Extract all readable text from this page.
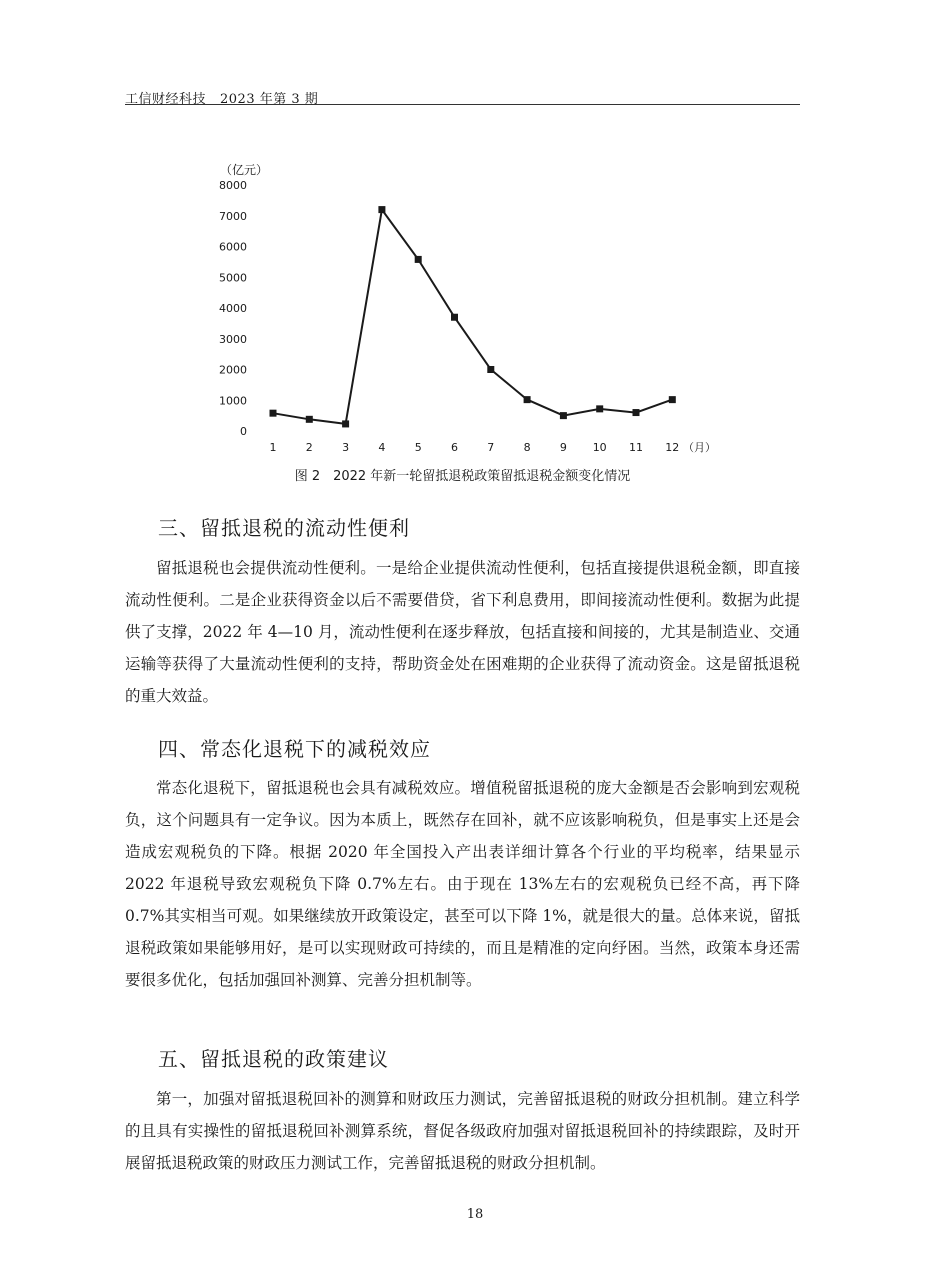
工信财经科技 2023 年第 3 期
（亿元）
0
1000
2000
3000
4000
5000
6000
7000
8000
1	2	3	4	5	6	7	8	9 10 11 12 （月）
图 2　2022 年新一轮留抵退税政策留抵退税金额变化情况
三、留抵退税的流动性便利

留抵退税也会提供流动性便利。一是给企业提供流动性便利，包括直接提供退税金额，即直接流动性便利。二是企业获得资金以后不需要借贷，省下利息费用，即间接流动性便利。数据为此提供了支撑，2022 年 4—10 月，流动性便利在逐步释放，包括直接和间接的，尤其是制造业、交通运输等获得了大量流动性便利的支持，帮助资金处在困难期的企业获得了流动资金。这是留抵退税的重大效益。

四、常态化退税下的减税效应

常态化退税下，留抵退税也会具有减税效应。增值税留抵退税的庞大金额是否会影响到宏观税负，这个问题具有一定争议。因为本质上，既然存在回补，就不应该影响税负，但是事实上还是会造成宏观税负的下降。根据 2020 年全国投入产出表详细计算各个行业的平均税率，结果显示 2022 年退税导致宏观税负下降 0.7%左右。由于现在 13%左右的宏观税负已经不高，再下降 0.7%其实相当可观。如果继续放开政策设定，甚至可以下降 1%，就是很大的量。总体来说，留抵退税政策如果能够用好，是可以实现财政可持续的，而且是精准的定向纾困。当然，政策本身还需要很多优化，包括加强回补测算、完善分担机制等。

五、留抵退税的政策建议

第一，加强对留抵退税回补的测算和财政压力测试，完善留抵退税的财政分担机制。建立科学的且具有实操性的留抵退税回补测算系统，督促各级政府加强对留抵退税回补的持续跟踪，及时开展留抵退税政策的财政压力测试工作，完善留抵退税的财政分担机制。

18
